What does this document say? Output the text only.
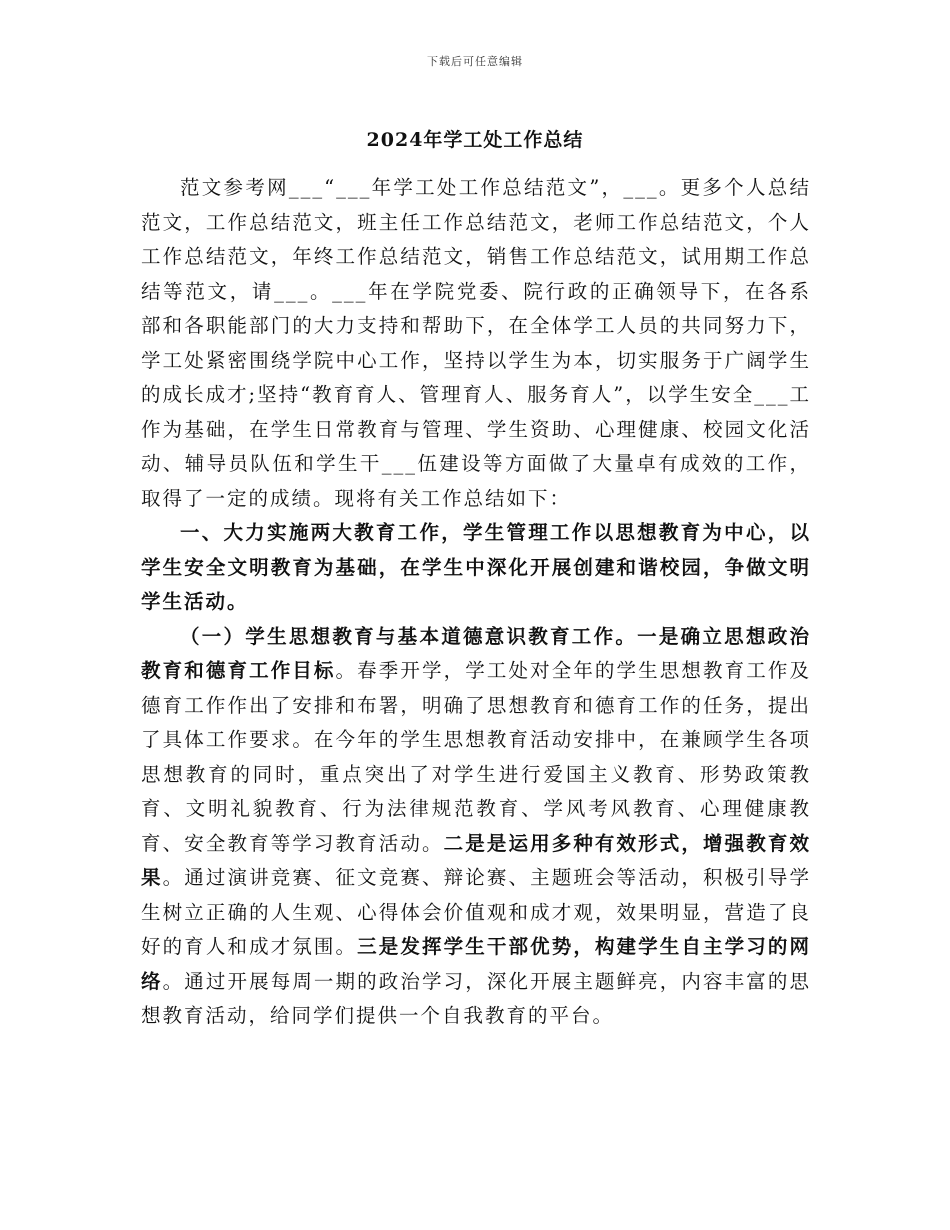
下载后可任意编辑
2024年学工处工作总结

范文参考网___“___年学工处工作总结范文”，___。更多个人总结范文，工作总结范文，班主任工作总结范文，老师工作总结范文，个人工作总结范文，年终工作总结范文，销售工作总结范文，试用期工作总结等范文，请___。___年在学院党委、院行政的正确领导下，在各系部和各职能部门的大力支持和帮助下，在全体学工人员的共同努力下，学工处紧密围绕学院中心工作，坚持以学生为本，切实服务于广阔学生的成长成才;坚持“教育育人、管理育人、服务育人”，以学生安全___工作为基础，在学生日常教育与管理、学生资助、心理健康、校园文化活动、辅导员队伍和学生干___伍建设等方面做了大量卓有成效的工作，取得了一定的成绩。现将有关工作总结如下：

一、大力实施两大教育工作，学生管理工作以思想教育为中心，以学生安全文明教育为基础，在学生中深化开展创建和谐校园，争做文明学生活动。

（一）学生思想教育与基本道德意识教育工作。一是确立思想政治教育和德育工作目标。春季开学，学工处对全年的学生思想教育工作及德育工作作出了安排和布署，明确了思想教育和德育工作的任务，提出了具体工作要求。在今年的学生思想教育活动安排中，在兼顾学生各项思想教育的同时，重点突出了对学生进行爱国主义教育、形势政策教育、文明礼貌教育、行为法律规范教育、学风考风教育、心理健康教育、安全教育等学习教育活动。二是是运用多种有效形式，增强教育效果。通过演讲竞赛、征文竞赛、辩论赛、主题班会等活动，积极引导学生树立正确的人生观、心得体会价值观和成才观，效果明显，营造了良好的育人和成才氛围。三是发挥学生干部优势，构建学生自主学习的网络。通过开展每周一期的政治学习，深化开展主题鲜亮，内容丰富的思想教育活动，给同学们提供一个自我教育的平台。
